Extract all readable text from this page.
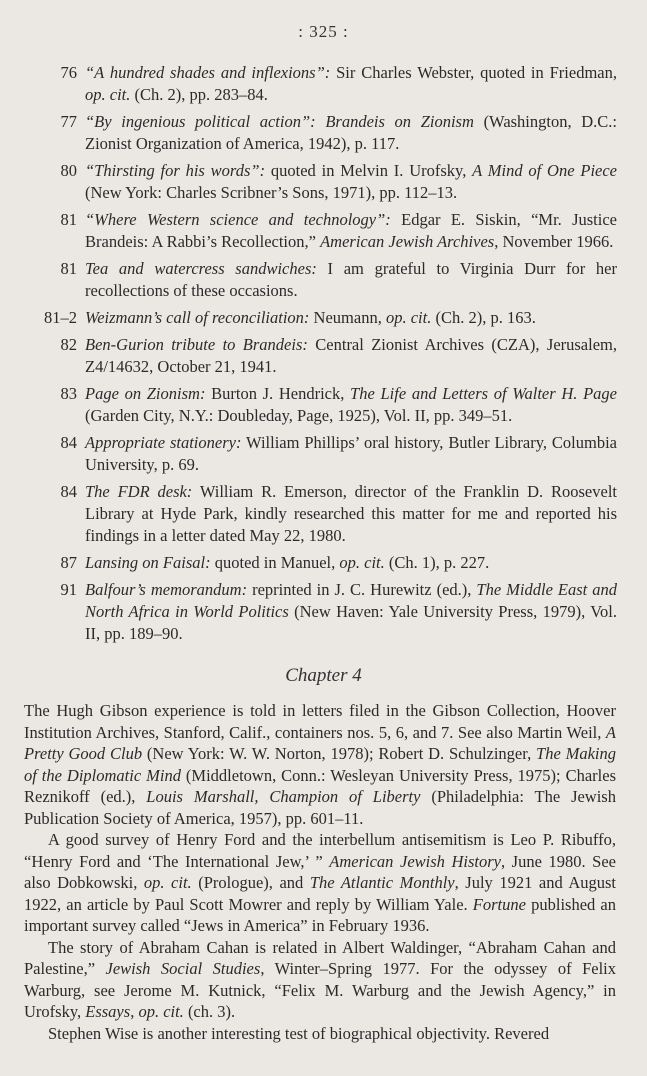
: 325 :
76 “A hundred shades and inflexions”: Sir Charles Webster, quoted in Friedman, op. cit. (Ch. 2), pp. 283–84.
77 “By ingenious political action”: Brandeis on Zionism (Washington, D.C.: Zionist Organization of America, 1942), p. 117.
80 “Thirsting for his words”: quoted in Melvin I. Urofsky, A Mind of One Piece (New York: Charles Scribner’s Sons, 1971), pp. 112–13.
81 “Where Western science and technology”: Edgar E. Siskin, “Mr. Justice Brandeis: A Rabbi’s Recollection,” American Jewish Archives, November 1966.
81 Tea and watercress sandwiches: I am grateful to Virginia Durr for her recollections of these occasions.
81–2 Weizmann’s call of reconciliation: Neumann, op. cit. (Ch. 2), p. 163.
82 Ben-Gurion tribute to Brandeis: Central Zionist Archives (CZA), Jerusalem, Z4/14632, October 21, 1941.
83 Page on Zionism: Burton J. Hendrick, The Life and Letters of Walter H. Page (Garden City, N.Y.: Doubleday, Page, 1925), Vol. II, pp. 349–51.
84 Appropriate stationery: William Phillips’ oral history, Butler Library, Columbia University, p. 69.
84 The FDR desk: William R. Emerson, director of the Franklin D. Roosevelt Library at Hyde Park, kindly researched this matter for me and reported his findings in a letter dated May 22, 1980.
87 Lansing on Faisal: quoted in Manuel, op. cit. (Ch. 1), p. 227.
91 Balfour’s memorandum: reprinted in J. C. Hurewitz (ed.), The Middle East and North Africa in World Politics (New Haven: Yale University Press, 1979), Vol. II, pp. 189–90.
Chapter 4

The Hugh Gibson experience is told in letters filed in the Gibson Collection, Hoover Institution Archives, Stanford, Calif., containers nos. 5, 6, and 7. See also Martin Weil, A Pretty Good Club (New York: W. W. Norton, 1978); Robert D. Schulzinger, The Making of the Diplomatic Mind (Middletown, Conn.: Wesleyan University Press, 1975); Charles Reznikoff (ed.), Louis Marshall, Champion of Liberty (Philadelphia: The Jewish Publication Society of America, 1957), pp. 601–11.

A good survey of Henry Ford and the interbellum antisemitism is Leo P. Ribuffo, “Henry Ford and ‘The International Jew,’ ” American Jewish History, June 1980. See also Dobkowski, op. cit. (Prologue), and The Atlantic Monthly, July 1921 and August 1922, an article by Paul Scott Mowrer and reply by William Yale. Fortune published an important survey called “Jews in America” in February 1936.

The story of Abraham Cahan is related in Albert Waldinger, “Abraham Cahan and Palestine,” Jewish Social Studies, Winter–Spring 1977. For the odyssey of Felix Warburg, see Jerome M. Kutnick, “Felix M. Warburg and the Jewish Agency,” in Urofsky, Essays, op. cit. (ch. 3).

Stephen Wise is another interesting test of biographical objectivity. Revered
